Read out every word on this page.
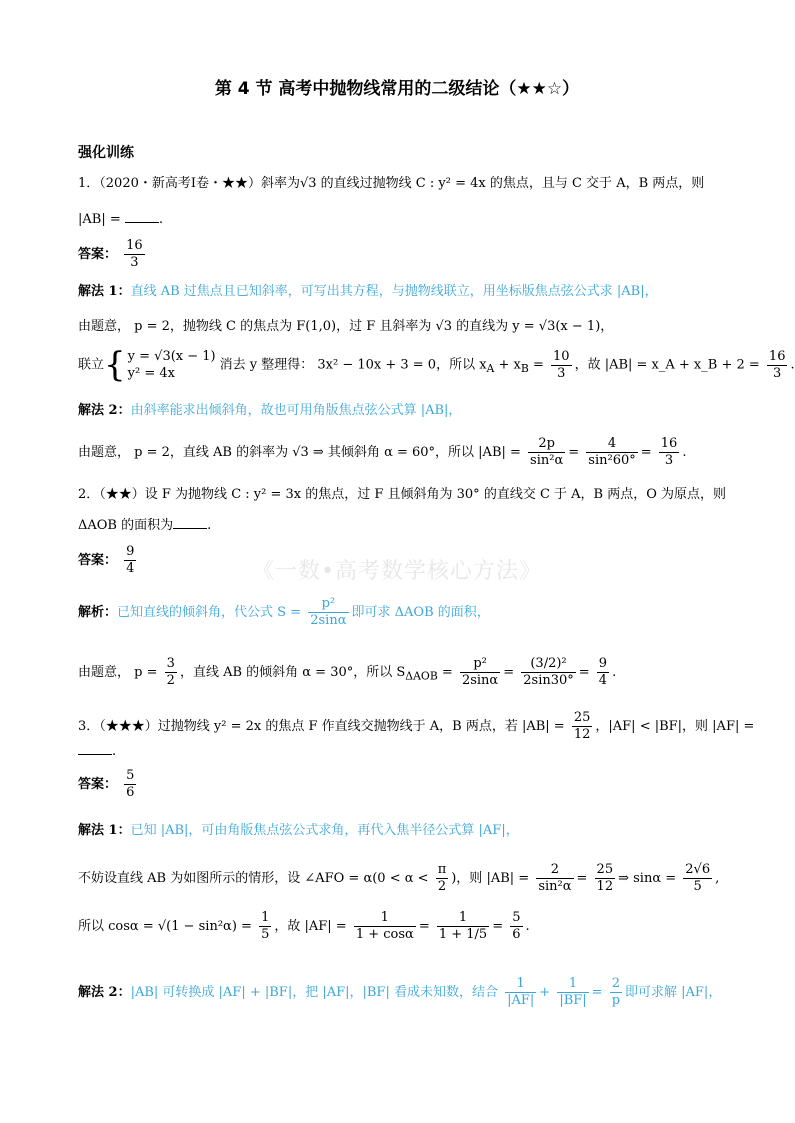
第 4 节 高考中抛物线常用的二级结论（★★☆）
《一数•高考数学核心方法》
强化训练
1．（2020・新高考Ⅰ卷・★★）斜率为√3 的直线过抛物线 C : y² = 4x 的焦点，且与 C 交于 A，B 两点，则
|AB| =	.
答案： $\frac{16}{3}$
解法 1：直线 AB 过焦点且已知斜率，可写出其方程，与抛物线联立，用坐标版焦点弦公式求 |AB|，
由题意， p = 2，抛物线 C 的焦点为 F(1,0)，过 F 且斜率为 √3 的直线为 y = √3(x − 1)，
联立{ y = √3(x − 1)
y² = 4x
消去 y 整理得： 3x² − 10x + 3 = 0，所以 $x_A + x_B = \frac{10}{3}$ ，故 |AB| = x_A + x_B + $2 = \frac{16}{3}$ .
解法 2：由斜率能求出倾斜角，故也可用角版焦点弦公式算 |AB|，
由题意， p = 2，直线 AB 的斜率为 √3 ⇒ 其倾斜角 α = 60°，所以 $|AB| = \frac{2p}{\text{sin²α}} = \frac{4}{\text{sin²60°}} = \frac{16}{3}$ .
2．（★★）设 F 为抛物线 C : y² = 3x 的焦点，过 F 且倾斜角为 30° 的直线交 C 于 A，B 两点，O 为原点，则
ΔAOB 的面积为	.
答案： $\frac{9}{4}$
解析：已知直线的倾斜角，代公式 $S = \frac{\text{p²}}{2\sin\alpha}$ 即可求 ΔAOB 的面积，
由题意， $p = \frac{3}{2}$ ，直线 AB 的倾斜角 α = 30°，所以 $S_{\Delta AOB} = \frac{\text{p²}}{2\sin\alpha} = \frac{\text{(3/2)²}}{2\sin 30^\circ} = \frac{9}{4}$ .
3．（★★★）过抛物线 y² = 2x 的焦点 F 作直线交抛物线于 A，B 两点，若 $|AB| = \frac{25}{12}$ ，|AF| < |BF|，则 |AF| =
.
答案： $\frac{5}{6}$
解法 1：已知 |AB|，可由角版焦点弦公式求角，再代入焦半径公式算 |AF|，
不妨设直线 AB 为如图所示的情形，设 ∠AFO = $\alpha(0 < \alpha < \frac{\pi}{2}$ )，则 $|AB| = \frac{2}{\text{sin²α}} = \frac{25}{12}$ ⇒ $\sin\alpha = \frac{2√6}{5}$ ,
所以 $\cos\alpha = √(1 - \sin^2\alpha) = \frac{1}{5}$ ，故 $|AF| = \frac{1}{1 + \cos\alpha} = \frac{1}{1 + 1/5} = \frac{5}{6}$ .
解法 2：|AB| 可转换成 |AF| + |BF|，把 |AF|，|BF| 看成未知数，结合 $\frac{1}{|AF|} + \frac{1}{|BF|} = \frac{2}{p}$ 即可求解 |AF|，
